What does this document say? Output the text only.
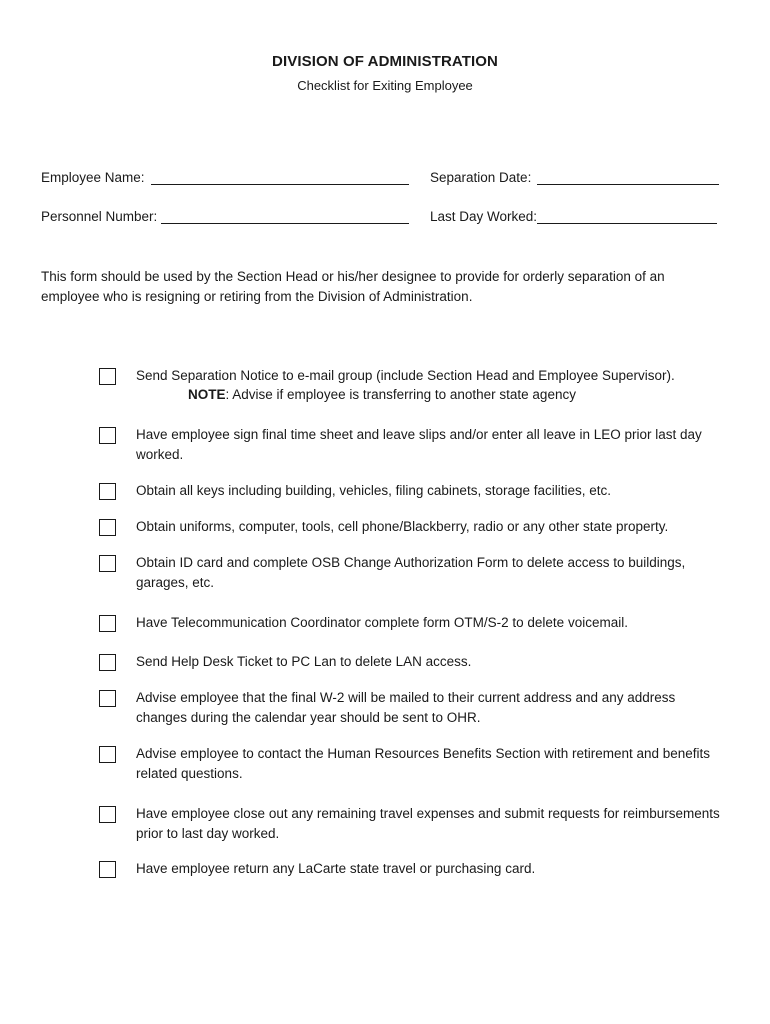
DIVISION OF ADMINISTRATION
Checklist for Exiting Employee
Employee Name:	Separation Date:
Personnel Number:	Last Day Worked:
This form should be used by the Section Head or his/her designee to provide for orderly separation of an employee who is resigning or retiring from the Division of Administration.
Send Separation Notice to e-mail group (include Section Head and Employee Supervisor).
NOTE: Advise if employee is transferring to another state agency
Have employee sign final time sheet and leave slips and/or enter all leave in LEO prior last day worked.
Obtain all keys including building, vehicles, filing cabinets, storage facilities, etc.
Obtain uniforms, computer, tools, cell phone/Blackberry, radio or any other state property.
Obtain ID card and complete OSB Change Authorization Form to delete access to buildings, garages, etc.
Have Telecommunication Coordinator complete form OTM/S-2 to delete voicemail.
Send Help Desk Ticket to PC Lan to delete LAN access.
Advise employee that the final W-2 will be mailed to their current address and any address changes during the calendar year should be sent to OHR.
Advise employee to contact the Human Resources Benefits Section with retirement and benefits related questions.
Have employee close out any remaining travel expenses and submit requests for reimbursements prior to last day worked.
Have employee return any LaCarte state travel or purchasing card.
